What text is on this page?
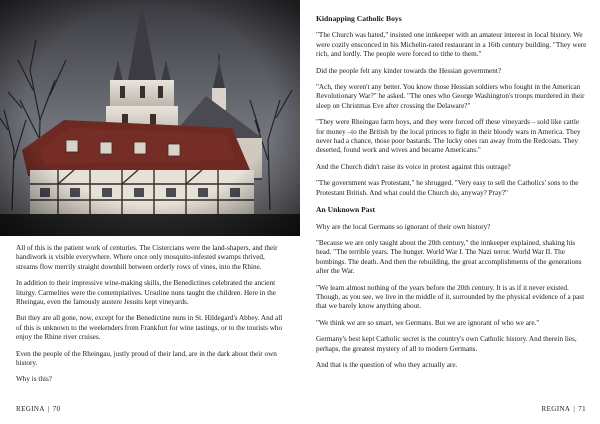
All of this is the patient work of centuries. The Cistercians were the land-shapers, and their handiwork is visible everywhere. Where once only mosquito-infested swamps thrived, streams flow merrily straight downhill between orderly rows of vines, into the Rhine.

In addition to their impressive wine-making skills, the Benedictines celebrated the ancient liturgy. Carmelites were the contemplatives. Ursuline nuns taught the children. Here in the Rheingau, even the famously austere Jesuits kept vineyards.

But they are all gone, now, except for the Benedictine nuns in St. Hildegard's Abbey. And all of this is unknown to the weekenders from Frankfurt for wine tastings, or to the tourists who enjoy the Rhine river cruises.

Even the people of the Rheingau, justly proud of their land, are in the dark about their own history.

Why is this?

REGINA | 70
Kidnapping Catholic Boys

"The Church was hated," insisted one innkeeper with an amateur interest in local history. We were cozily ensconced in his Michelin-rated restaurant in a 16th century building. "They were rich, and lordly. The people were forced to tithe to them."

Did the people felt any kinder towards the Hessian government?

"Ach, they weren't any better. You know those Hessian soldiers who fought in the American Revolutionary War?" he asked. "The ones who George Washington's troops murdered in their sleep on Christmas Eve after crossing the Delaware?"

"They were Rheingau farm boys, and they were forced off these vineyards – sold like cattle for money –to the British by the local princes to fight in their bloody wars in America. They never had a chance, those poor bastards. The lucky ones ran away from the Redcoats. They deserted, found work and wives and became Americans."

And the Church didn't raise its voice in protest against this outrage?

"The government was Protestant," he shrugged. "Very easy to sell the Catholics' sons to the Protestant British. And what could the Church do, anyway? Pray?"

An Unknown Past

Why are the local Germans so ignorant of their own history?

"Because we are only taught about the 20th century," the innkeeper explained, shaking his head. "The terrible years. The hunger. World War I. The Nazi terror. World War II. The bombings. The death. And then the rebuilding, the great accomplishments of the generations after the War.

"We learn almost nothing of the years before the 20th century. It is as if it never existed. Though, as you see, we live in the middle of it, surrounded by the physical evidence of a past that we barely know anything about.

"We think we are so smart, we Germans. But we are ignorant of who we are."

Germany's best kept Catholic secret is the country's own Catholic history. And therein lies, perhaps, the greatest mystery of all to modern Germans.

And that is the question of who they actually are.

REGINA | 71
